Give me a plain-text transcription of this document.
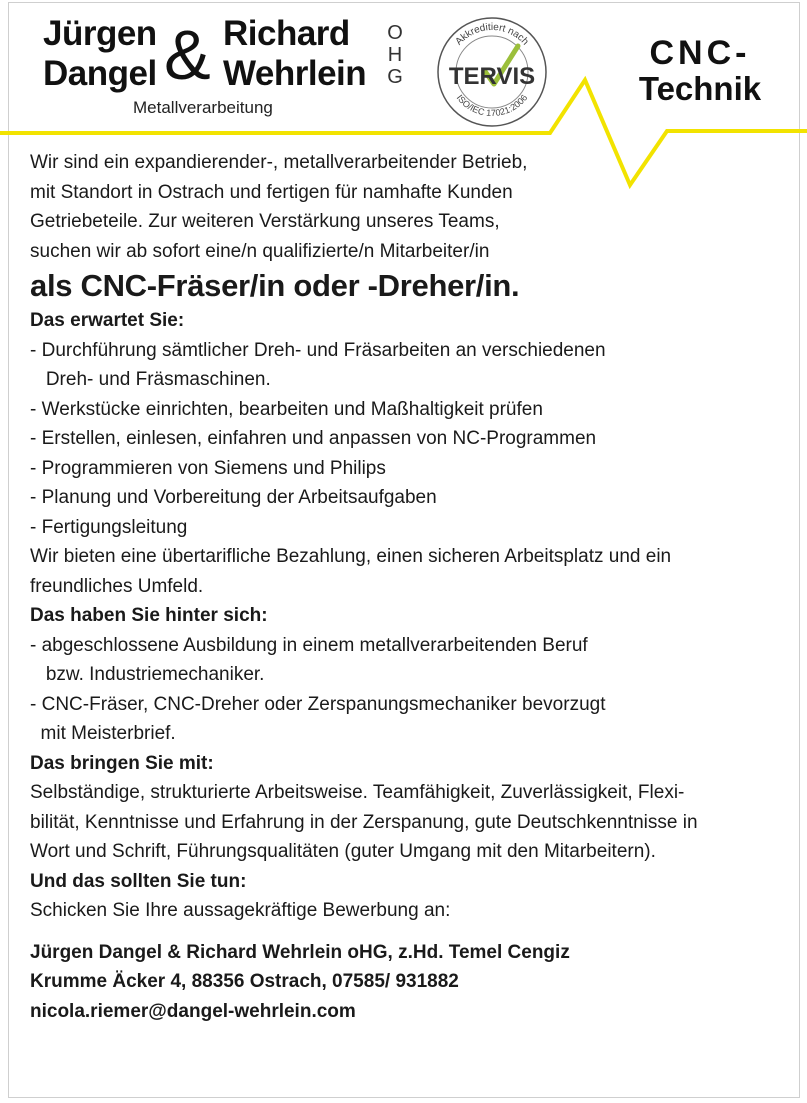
Jürgen
Dangel & Richard
Wehrlein
O
H
G
Metallverarbeitung
Akkreditiert nach
ISO/IEC 17021:2006
TERVIS
CNC-
Technik

Wir sind ein expandierender-, metallverarbeitender Betrieb,

mit Standort in Ostrach und fertigen für namhafte Kunden

Getriebeteile. Zur weiteren Verstärkung unseres Teams,

suchen wir ab sofort eine/n qualifizierte/n Mitarbeiter/in

als CNC-Fräser/in oder -Dreher/in.

Das erwartet Sie:

- Durchführung sämtlicher Dreh- und Fräsarbeiten an verschiedenen

Dreh- und Fräsmaschinen.

- Werkstücke einrichten, bearbeiten und Maßhaltigkeit prüfen

- Erstellen, einlesen, einfahren und anpassen von NC-Programmen

- Programmieren von Siemens und Philips

- Planung und Vorbereitung der Arbeitsaufgaben

- Fertigungsleitung

Wir bieten eine übertarifliche Bezahlung, einen sicheren Arbeitsplatz und ein

freundliches Umfeld.

Das haben Sie hinter sich:

- abgeschlossene Ausbildung in einem metallverarbeitenden Beruf

bzw. Industriemechaniker.

- CNC-Fräser, CNC-Dreher oder Zerspanungsmechaniker bevorzugt

mit Meisterbrief.

Das bringen Sie mit:

Selbständige, strukturierte Arbeitsweise. Teamfähigkeit, Zuverlässigkeit, Flexi-

bilität, Kenntnisse und Erfahrung in der Zerspanung, gute Deutschkenntnisse in

Wort und Schrift, Führungsqualitäten (guter Umgang mit den Mitarbeitern).

Und das sollten Sie tun:

Schicken Sie Ihre aussagekräftige Bewerbung an:

Jürgen Dangel & Richard Wehrlein oHG, z.Hd. Temel Cengiz

Krumme Äcker 4, 88356 Ostrach, 07585/ 931882

nicola.riemer@dangel-wehrlein.com
